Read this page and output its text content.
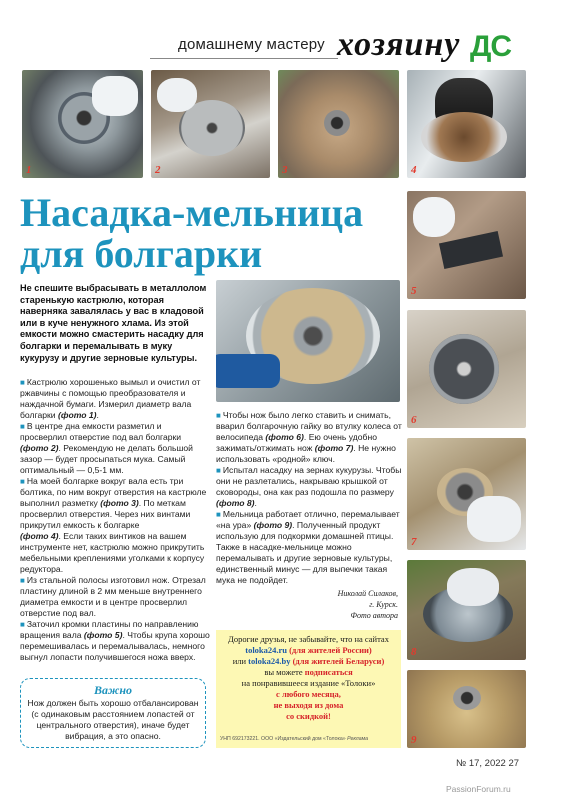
домашнему мастеру хозяину ДС
1	2	3	4
5
6
7
8
9
Насадка-мельница
для болгарки
Не спешите выбрасывать в металлолом старенькую кастрюлю, которая наверняка завалялась у вас в кладовой или в куче ненужного хлама. Из этой емкости можно смастерить насадку для болгарки и перемалывать в муку кукурузу и другие зерновые культуры.

■ Кастрюлю хорошенько вымыл и очистил от ржавчины с помощью преобразователя и наждачной бумаги. Измерил диаметр вала болгарки (фото 1).

■ В центре дна емкости разметил и просверлил отверстие под вал болгарки (фото 2). Рекомендую не делать большой зазор — будет просыпаться мука. Самый оптимальный — 0,5-1 мм.

■ На моей болгарке вокруг вала есть три болтика, по ним вокруг отверстия на кастрюле выполнил разметку (фото 3). По меткам просверлил отверстия. Через них винтами прикрутил емкость к болгарке

(фото 4). Если таких винтиков на вашем инструменте нет, кастрюлю можно прикрутить мебельными креплениями уголками к корпусу редуктора.

■ Из стальной полосы изготовил нож. Отрезал пластину длиной в 2 мм меньше внутреннего диаметра емкости и в центре просверлил отверстие под вал.

■ Заточил кромки пластины по направлению вращения вала (фото 5). Чтобы крупа хорошо перемешивалась и перемалывалась, немного выгнул лопасти получившегося ножа вверх.

Важно
Нож должен быть хорошо отбалансирован (с одинаковым расстоянием лопастей от центрального отверстия), иначе будет вибрация, а это опасно.

■ Чтобы нож было легко ставить и снимать, вварил болгарочную гайку во втулку колеса от велосипеда (фото 6). Ею очень удобно зажимать/отжимать нож (фото 7). Не нужно использовать «родной» ключ.

■ Испытал насадку на зернах кукурузы. Чтобы они не разлетались, накрываю крышкой от сковороды, она как раз подошла по размеру (фото 8).

■ Мельница работает отлично, перемалывает «на ура» (фото 9). Полученный продукт использую для подкормки домашней птицы. Также в насадке-мельнице можно перемалывать и другие зерновые культуры, единственный минус — для выпечки такая мука не подойдет.

Николай Силаков,
г. Курск.
Фото автора
Дорогие друзья, не забывайте, что на сайтах
toloka24.ru (для жителей России)
или toloka24.by (для жителей Беларуси)
вы можете подписаться
на понравившееся издание «Толоки»
с любого месяца,
не выходя из дома
со скидкой!
УНП 692173221. ООО «Издательский дом «Толока» Реклама
№ 17, 2022 27
PassionForum.ru
